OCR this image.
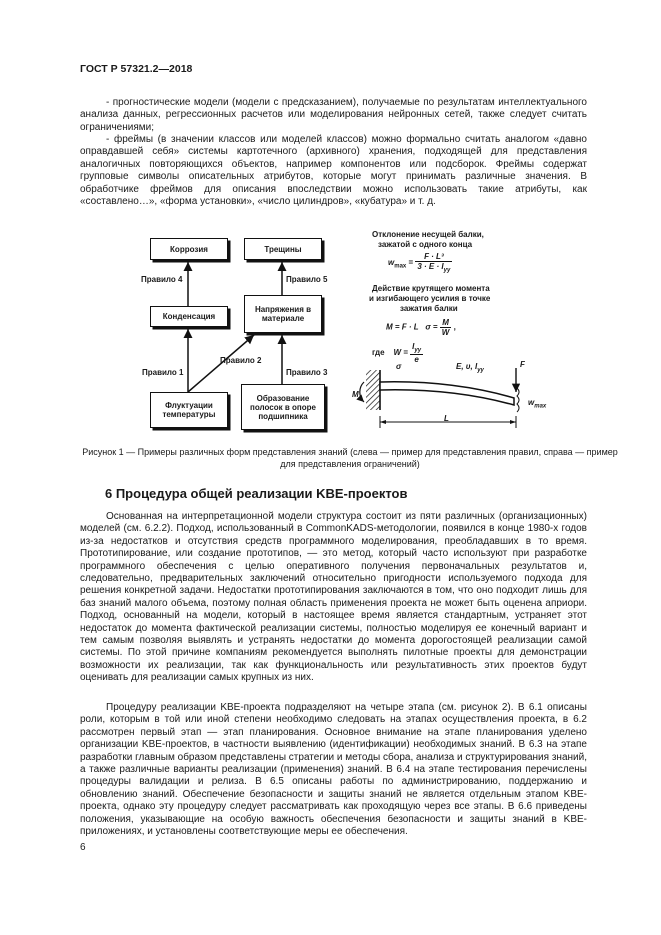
ГОСТ Р 57321.2—2018
- прогностические модели (модели с предсказанием), получаемые по результатам интеллектуального анализа данных, регрессионных расчетов или моделирования нейронных сетей, также следует считать ограничениями;
- фреймы (в значении классов или моделей классов) можно формально считать аналогом «давно оправдавшей себя» системы картотечного (архивного) хранения, подходящей для представления аналогичных повторяющихся объектов, например компонентов или подсборок. Фреймы содержат групповые символы описательных атрибутов, которые могут принимать различные значения. В обработчике фреймов для описания впоследствии можно использовать такие атрибуты, как «составлено…», «форма установки», «число цилиндров», «кубатура» и т. д.
Коррозия	Трещины
Конденсация
Напряжения в материале
Флуктуации температуры
Образование полосок в опоре подшипника
Правило 4	Правило 5
Правило 1
Правило 2
Правило 3
Отклонение несущей балки,
зажатой с одного конца
$w_{max} = \frac{\text{F · L³}}{3 \cdot E \cdot I_{yy}}$
Действие крутящего момента
и изгибающего усилия в точке
зажатия балки
M = F · L $\sigma = \frac{M}{W}$ ,
где $W = \frac{I_{yy}}{e}$
σ	E, υ, $I_{yy}$
F
M
$w_{max}$
L
Рисунок 1 — Примеры различных форм представления знаний (слева — пример для представления правил, справа — пример для представления ограничений)
6 Процедура общей реализации KBE-проектов
Основанная на интерпретационной модели структура состоит из пяти различных (организационных) моделей (см. 6.2.2). Подход, использованный в CommonKADS-методологии, появился в конце 1980-х годов из-за недостатков и отсутствия средств программного моделирования, преобладавших в то время. Прототипирование, или создание прототипов, — это метод, который часто используют при разработке программного обеспечения с целью оперативного получения первоначальных результатов и, следовательно, предварительных заключений относительно пригодности используемого подхода для решения конкретной задачи. Недостатки прототипирования заключаются в том, что оно подходит лишь для баз знаний малого объема, поэтому полная область применения проекта не может быть оценена априори. Подход, основанный на модели, который в настоящее время является стандартным, устраняет этот недостаток до момента фактической реализации системы, полностью моделируя ее конечный вариант и тем самым позволяя выявлять и устранять недостатки до момента дорогостоящей реализации самой системы. По этой причине компаниям рекомендуется выполнять пилотные проекты для демонстрации возможности их реализации, так как функциональность или результативность этих проектов будут оценивать для реализации самых крупных из них.
Процедуру реализации KBE-проекта подразделяют на четыре этапа (см. рисунок 2). В 6.1 описаны роли, которым в той или иной степени необходимо следовать на этапах осуществления проекта, в 6.2 рассмотрен первый этап — этап планирования. Основное внимание на этапе планирования уделено организации KBE-проектов, в частности выявлению (идентификации) необходимых знаний. В 6.3 на этапе разработки главным образом представлены стратегии и методы сбора, анализа и структурирования знаний, а также различные варианты реализации (применения) знаний. В 6.4 на этапе тестирования перечислены процедуры валидации и релиза. В 6.5 описаны работы по администрированию, поддержанию и обновлению знаний. Обеспечение безопасности и защиты знаний не является отдельным этапом KBE-проекта, однако эту процедуру следует рассматривать как проходящую через все этапы. В 6.6 приведены положения, указывающие на особую важность обеспечения безопасности и защиты знаний в KBE-приложениях, и установлены соответствующие меры ее обеспечения.
6
